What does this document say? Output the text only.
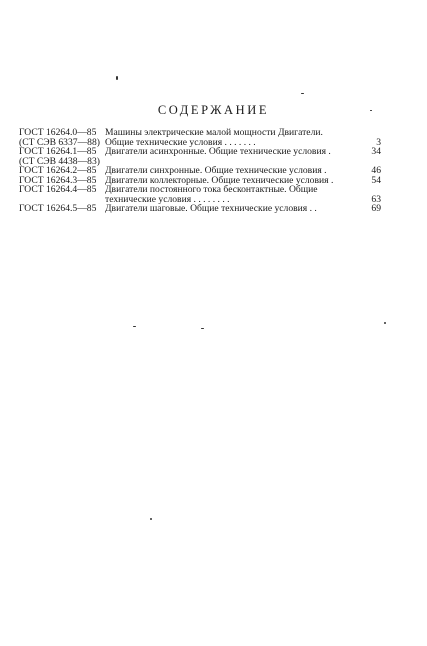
СОДЕРЖАНИЕ
ГОСТ 16264.0—85 Машины электрические малой мощности Двигатели.
(СТ СЭВ 6337—88) Общие технические условия . . . . . . .	3
ГОСТ 16264.1—85 Двигатели асинхронные. Общие технические условия .	34
(СТ СЭВ 4438—83)
ГОСТ 16264.2—85 Двигатели синхронные. Общие технические условия .	46
ГОСТ 16264.3—85 Двигатели коллекторные. Общие технические условия .	54
ГОСТ 16264.4—85 Двигатели постоянного тока бесконтактные. Общие
технические условия . . . . . . . .	63
ГОСТ 16264.5—85 Двигатели шаговые. Общие технические условия . .	69
